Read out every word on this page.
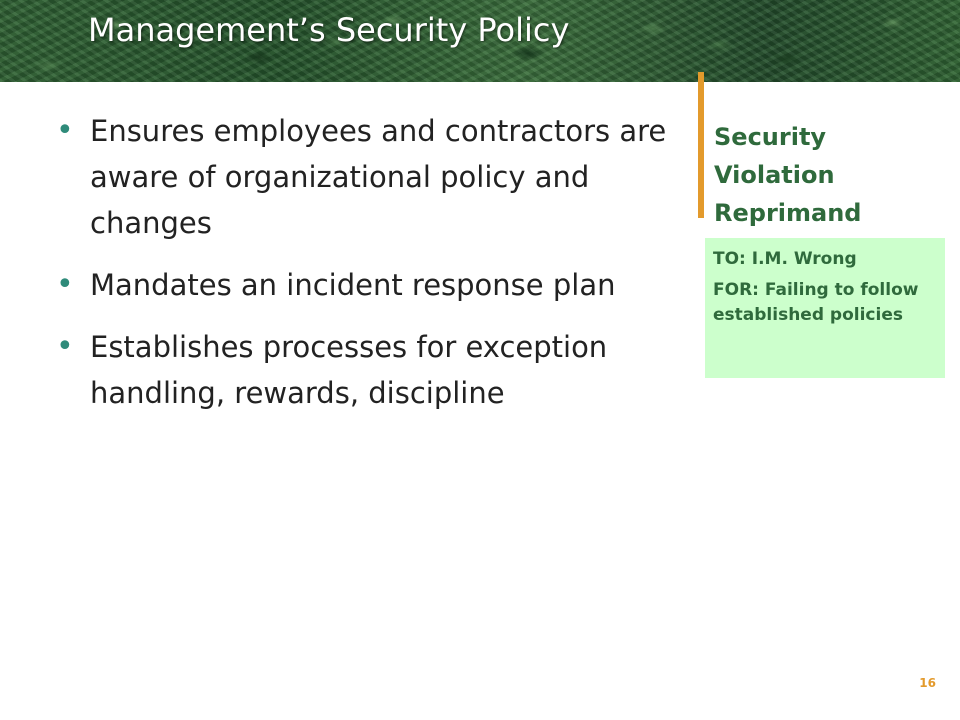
Management’s Security Policy
• Ensures employees and contractors are aware of organizational policy and changes
• Mandates an incident response plan
• Establishes processes for exception handling, rewards, discipline
Security Violation Reprimand
TO: I.M. Wrong
FOR: Failing to follow established policies
16
